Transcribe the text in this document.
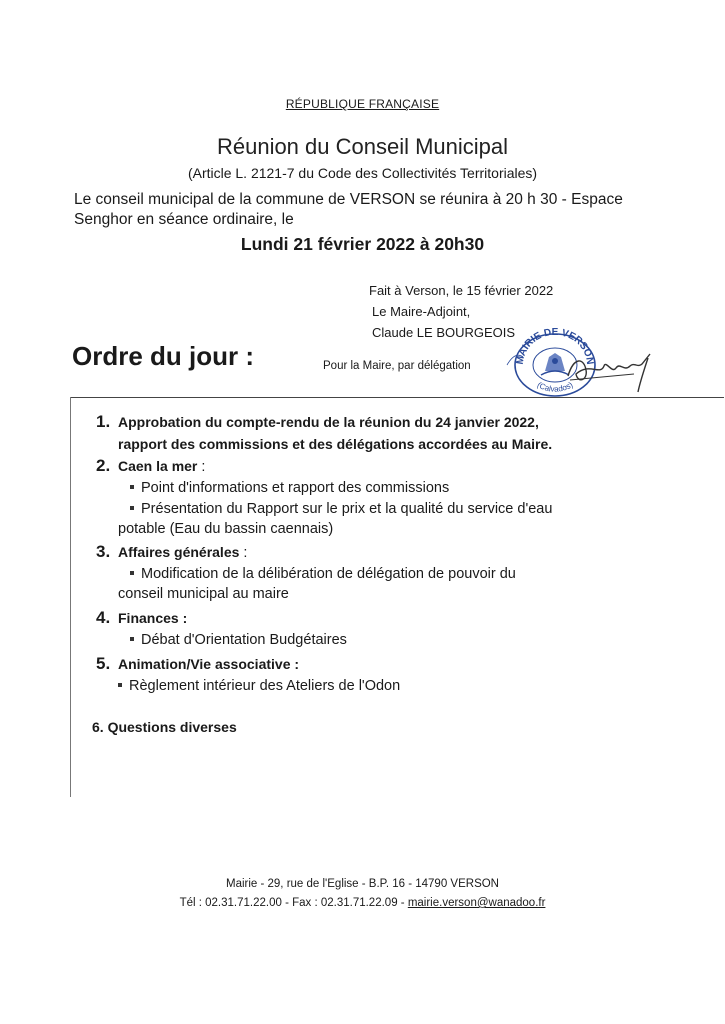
RÉPUBLIQUE FRANÇAISE
Réunion du Conseil Municipal
(Article L. 2121-7 du Code des Collectivités Territoriales)
Le conseil municipal de la commune de VERSON se réunira à 20 h 30 - Espace
Senghor en séance ordinaire, le
Lundi 21 février 2022 à 20h30
Fait à Verson, le 15 février 2022
Le Maire-Adjoint,
Claude LE BOURGEOIS
Ordre du jour :	Pour la Maire, par délégation	MAIRIE DE VERSON
(Calvados)
1. Approbation du compte-rendu de la réunion du 24 janvier 2022,
rapport des commissions et des délégations accordées au Maire.
2. Caen la mer :
Point d'informations et rapport des commissions
Présentation du Rapport sur le prix et la qualité du service d'eau
potable (Eau du bassin caennais)
3. Affaires générales :
Modification de la délibération de délégation de pouvoir du
conseil municipal au maire
4. Finances :
Débat d'Orientation Budgétaires
5. Animation/Vie associative :
Règlement intérieur des Ateliers de l'Odon
6. Questions diverses
Mairie - 29, rue de l'Eglise - B.P. 16 - 14790 VERSON
Tél : 02.31.71.22.00 - Fax : 02.31.71.22.09 - mairie.verson@wanadoo.fr
